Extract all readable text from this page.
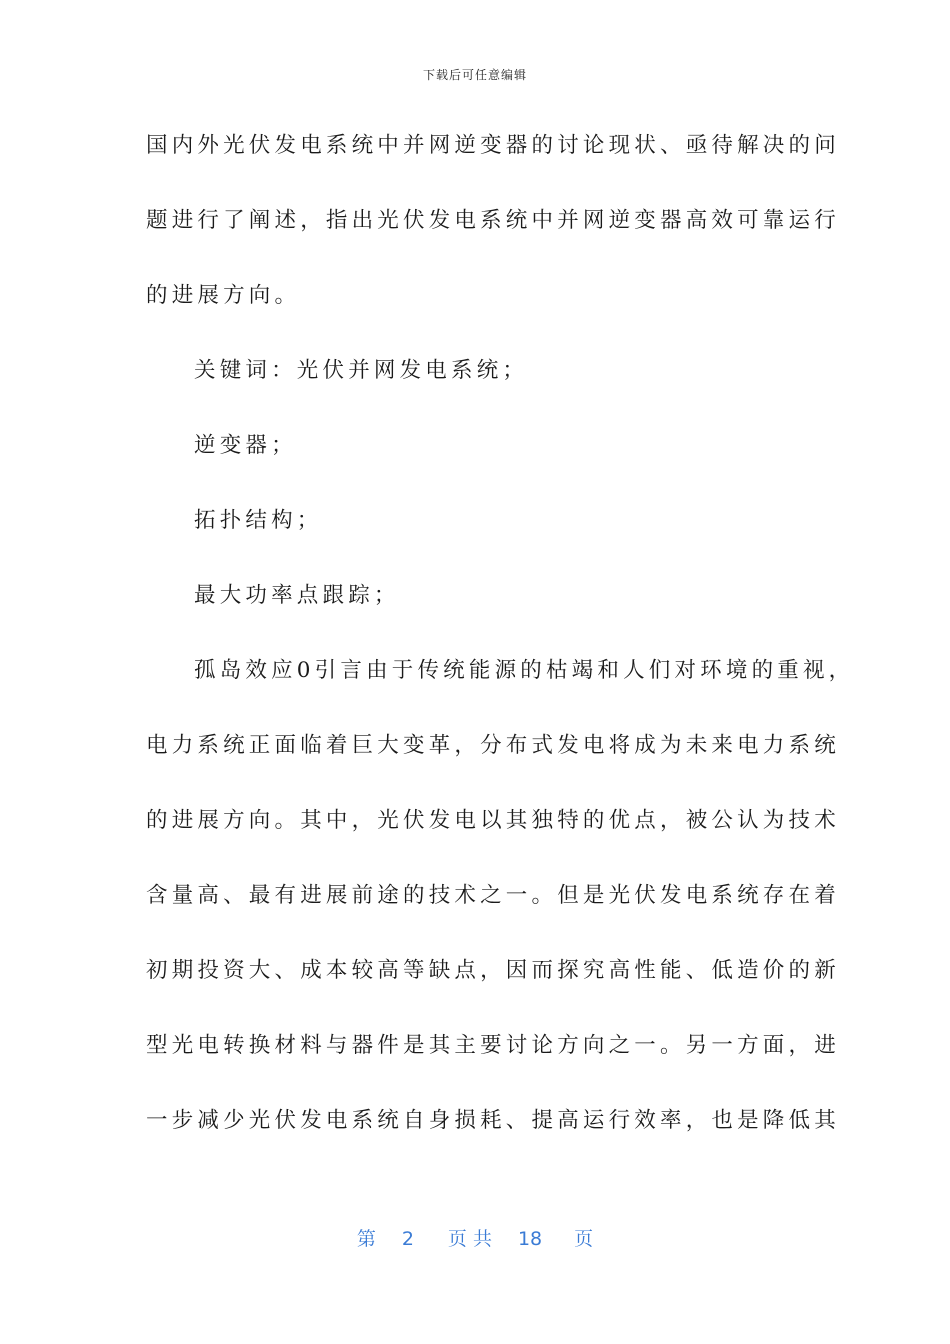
下载后可任意编辑
国内外光伏发电系统中并网逆变器的讨论现状、亟待解决的问
题进行了阐述，指出光伏发电系统中并网逆变器高效可靠运行
的进展方向。
关键词：光伏并网发电系统；
逆变器；
拓扑结构；
最大功率点跟踪；
孤岛效应0引言由于传统能源的枯竭和人们对环境的重视，
电力系统正面临着巨大变革，分布式发电将成为未来电力系统
的进展方向。其中，光伏发电以其独特的优点，被公认为技术
含量高、最有进展前途的技术之一。但是光伏发电系统存在着
初期投资大、成本较高等缺点，因而探究高性能、低造价的新
型光电转换材料与器件是其主要讨论方向之一。另一方面，进
一步减少光伏发电系统自身损耗、提高运行效率，也是降低其
第 2 页 共 18 页
